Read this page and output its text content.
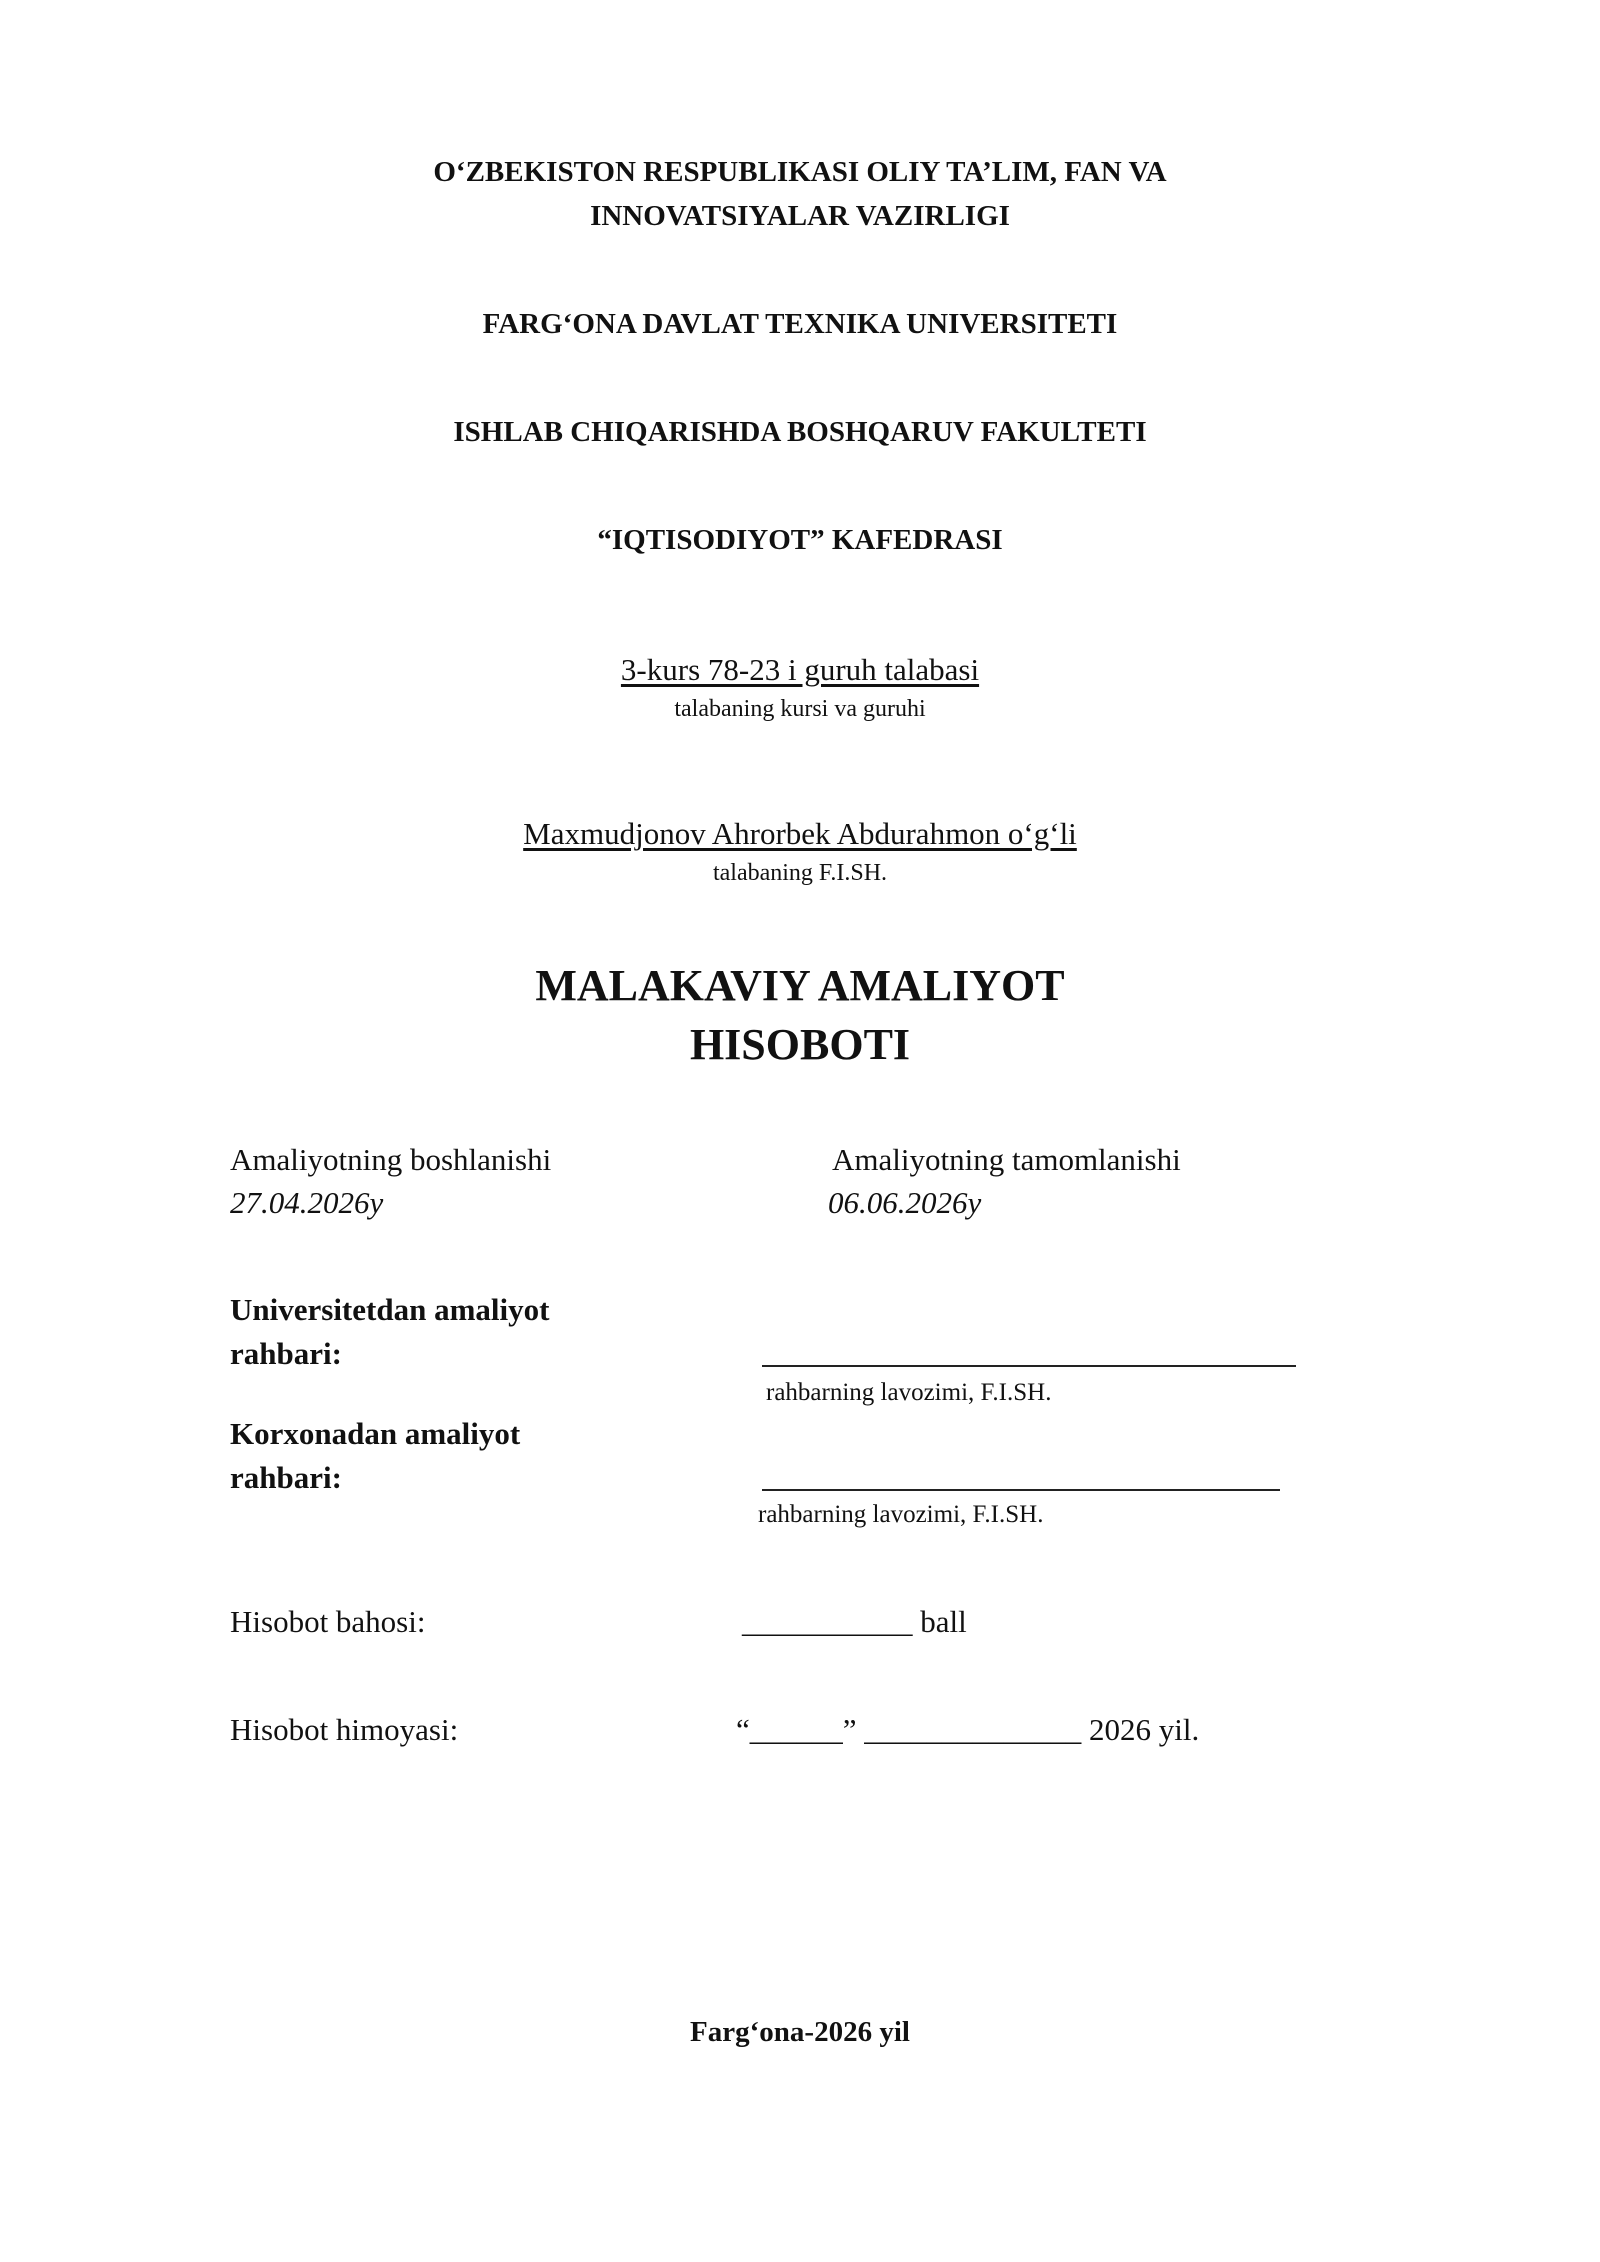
O‘ZBEKISTON RESPUBLIKASI OLIY TA’LIM, FAN VA
INNOVATSIYALAR VAZIRLIGI
FARG‘ONA DAVLAT TEXNIKA UNIVERSITETI
ISHLAB CHIQARISHDA BOSHQARUV FAKULTETI
“IQTISODIYOT” KAFEDRASI
3-kurs 78-23 i guruh talabasi
talabaning kursi va guruhi
Maxmudjonov Ahrorbek Abdurahmon o‘g‘li
talabaning F.I.SH.
MALAKAVIY AMALIYOT
HISOBOTI
Amaliyotning boshlanishi
27.04.2026y
Amaliyotning tamomlanishi
06.06.2026y
Universitetdan amaliyot
rahbari:
rahbarning lavozimi, F.I.SH.
Korxonadan amaliyot
rahbari:
rahbarning lavozimi, F.I.SH.
Hisobot bahosi:	___________ ball
Hisobot himoyasi:	“______” ______________ 2026 yil.
Farg‘ona-2026 yil
